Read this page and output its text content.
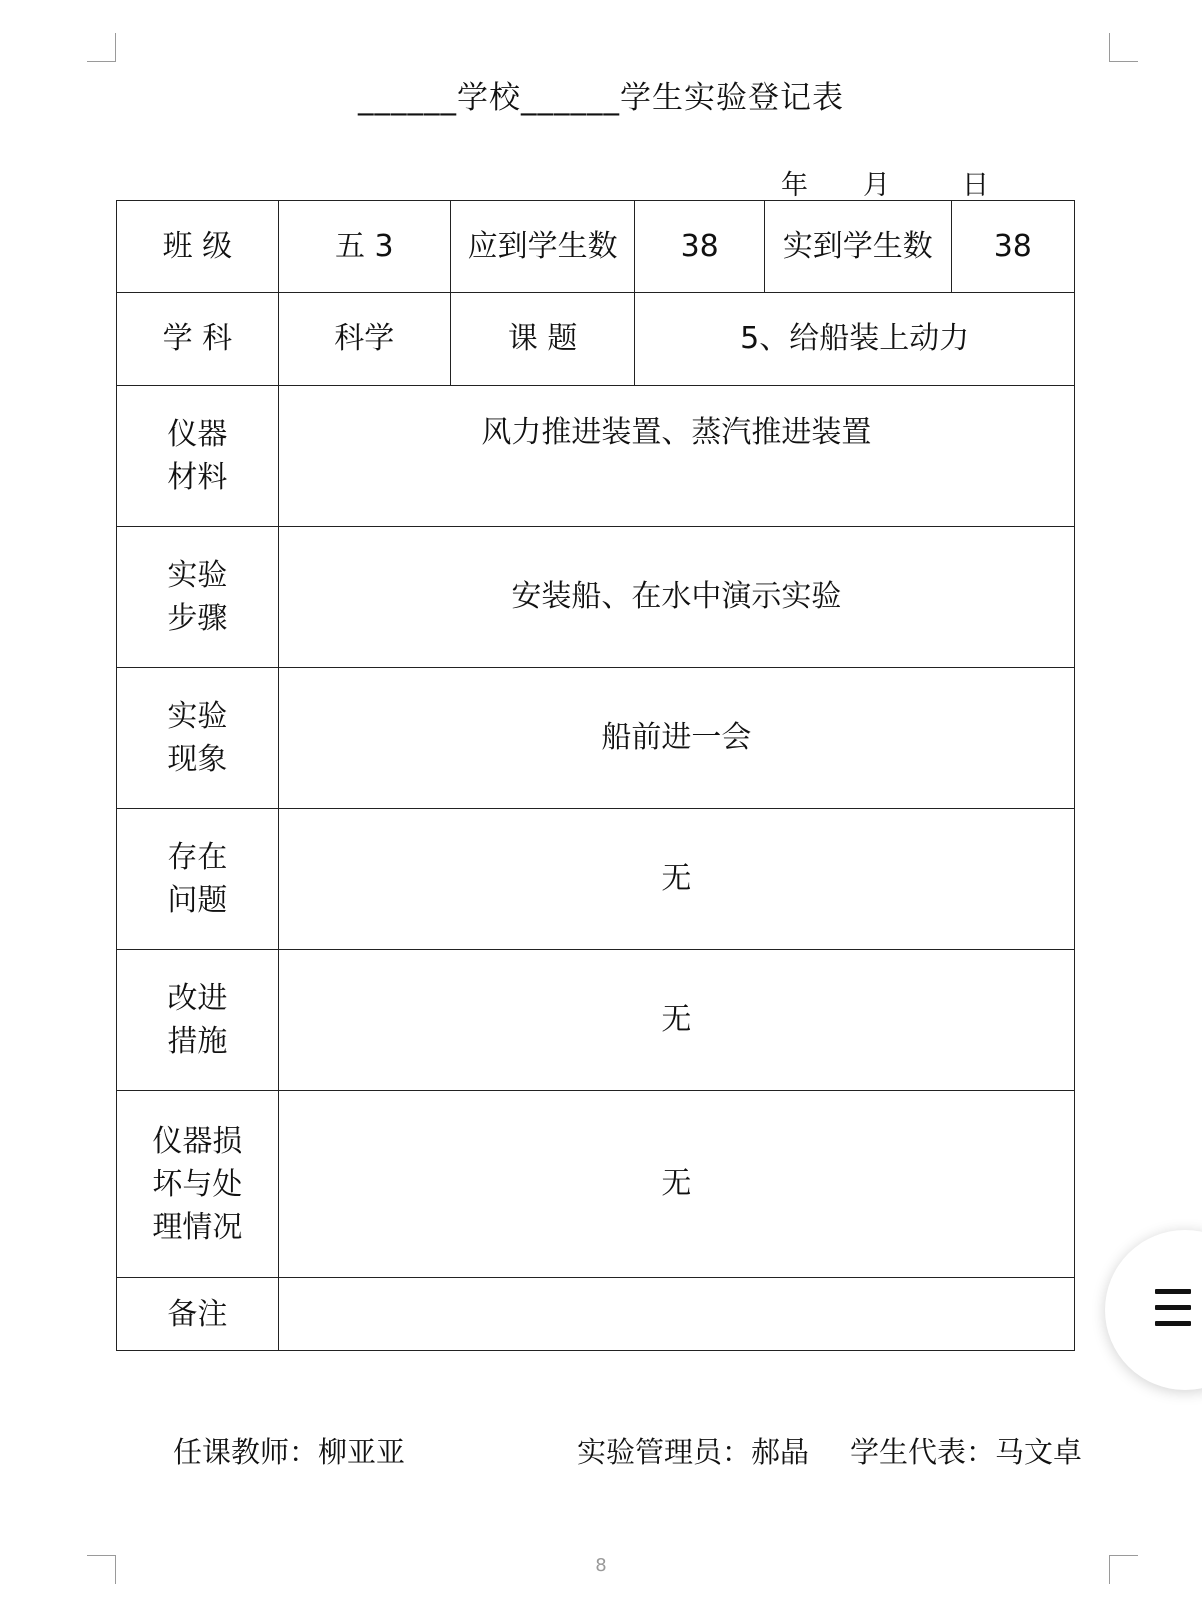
______学校______学生实验登记表
年 月	日
班 级	五 3	应到学生数	38	实到学生数	38
学 科	科学	课 题	5、给船装上动力		

仪器
材料	风力推进装置、蒸汽推进装置				

实验
步骤	安装船、在水中演示实验				

实验
现象	船前进一会				

存在
问题	无				

改进
措施	无				

仪器损
坏与处
理情况	无				

备注					

任课教师：柳亚亚	实验管理员：郝晶 学生代表：马文卓
8
